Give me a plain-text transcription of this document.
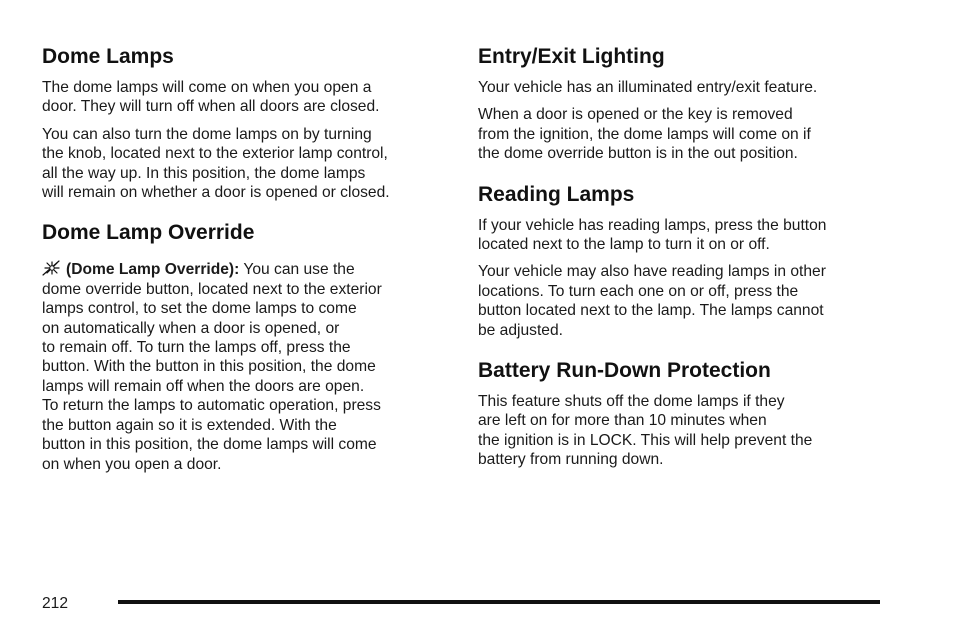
Dome Lamps

The dome lamps will come on when you open a
door. They will turn off when all doors are closed.

You can also turn the dome lamps on by turning
the knob, located next to the exterior lamp control,
all the way up. In this position, the dome lamps
will remain on whether a door is opened or closed.

Dome Lamp Override

(Dome Lamp Override): You can use the
dome override button, located next to the exterior
lamps control, to set the dome lamps to come
on automatically when a door is opened, or
to remain off. To turn the lamps off, press the
button. With the button in this position, the dome
lamps will remain off when the doors are open.
To return the lamps to automatic operation, press
the button again so it is extended. With the
button in this position, the dome lamps will come
on when you open a door.

Entry/Exit Lighting

Your vehicle has an illuminated entry/exit feature.

When a door is opened or the key is removed
from the ignition, the dome lamps will come on if
the dome override button is in the out position.

Reading Lamps

If your vehicle has reading lamps, press the button
located next to the lamp to turn it on or off.

Your vehicle may also have reading lamps in other
locations. To turn each one on or off, press the
button located next to the lamp. The lamps cannot
be adjusted.

Battery Run-Down Protection

This feature shuts off the dome lamps if they
are left on for more than 10 minutes when
the ignition is in LOCK. This will help prevent the
battery from running down.

212
